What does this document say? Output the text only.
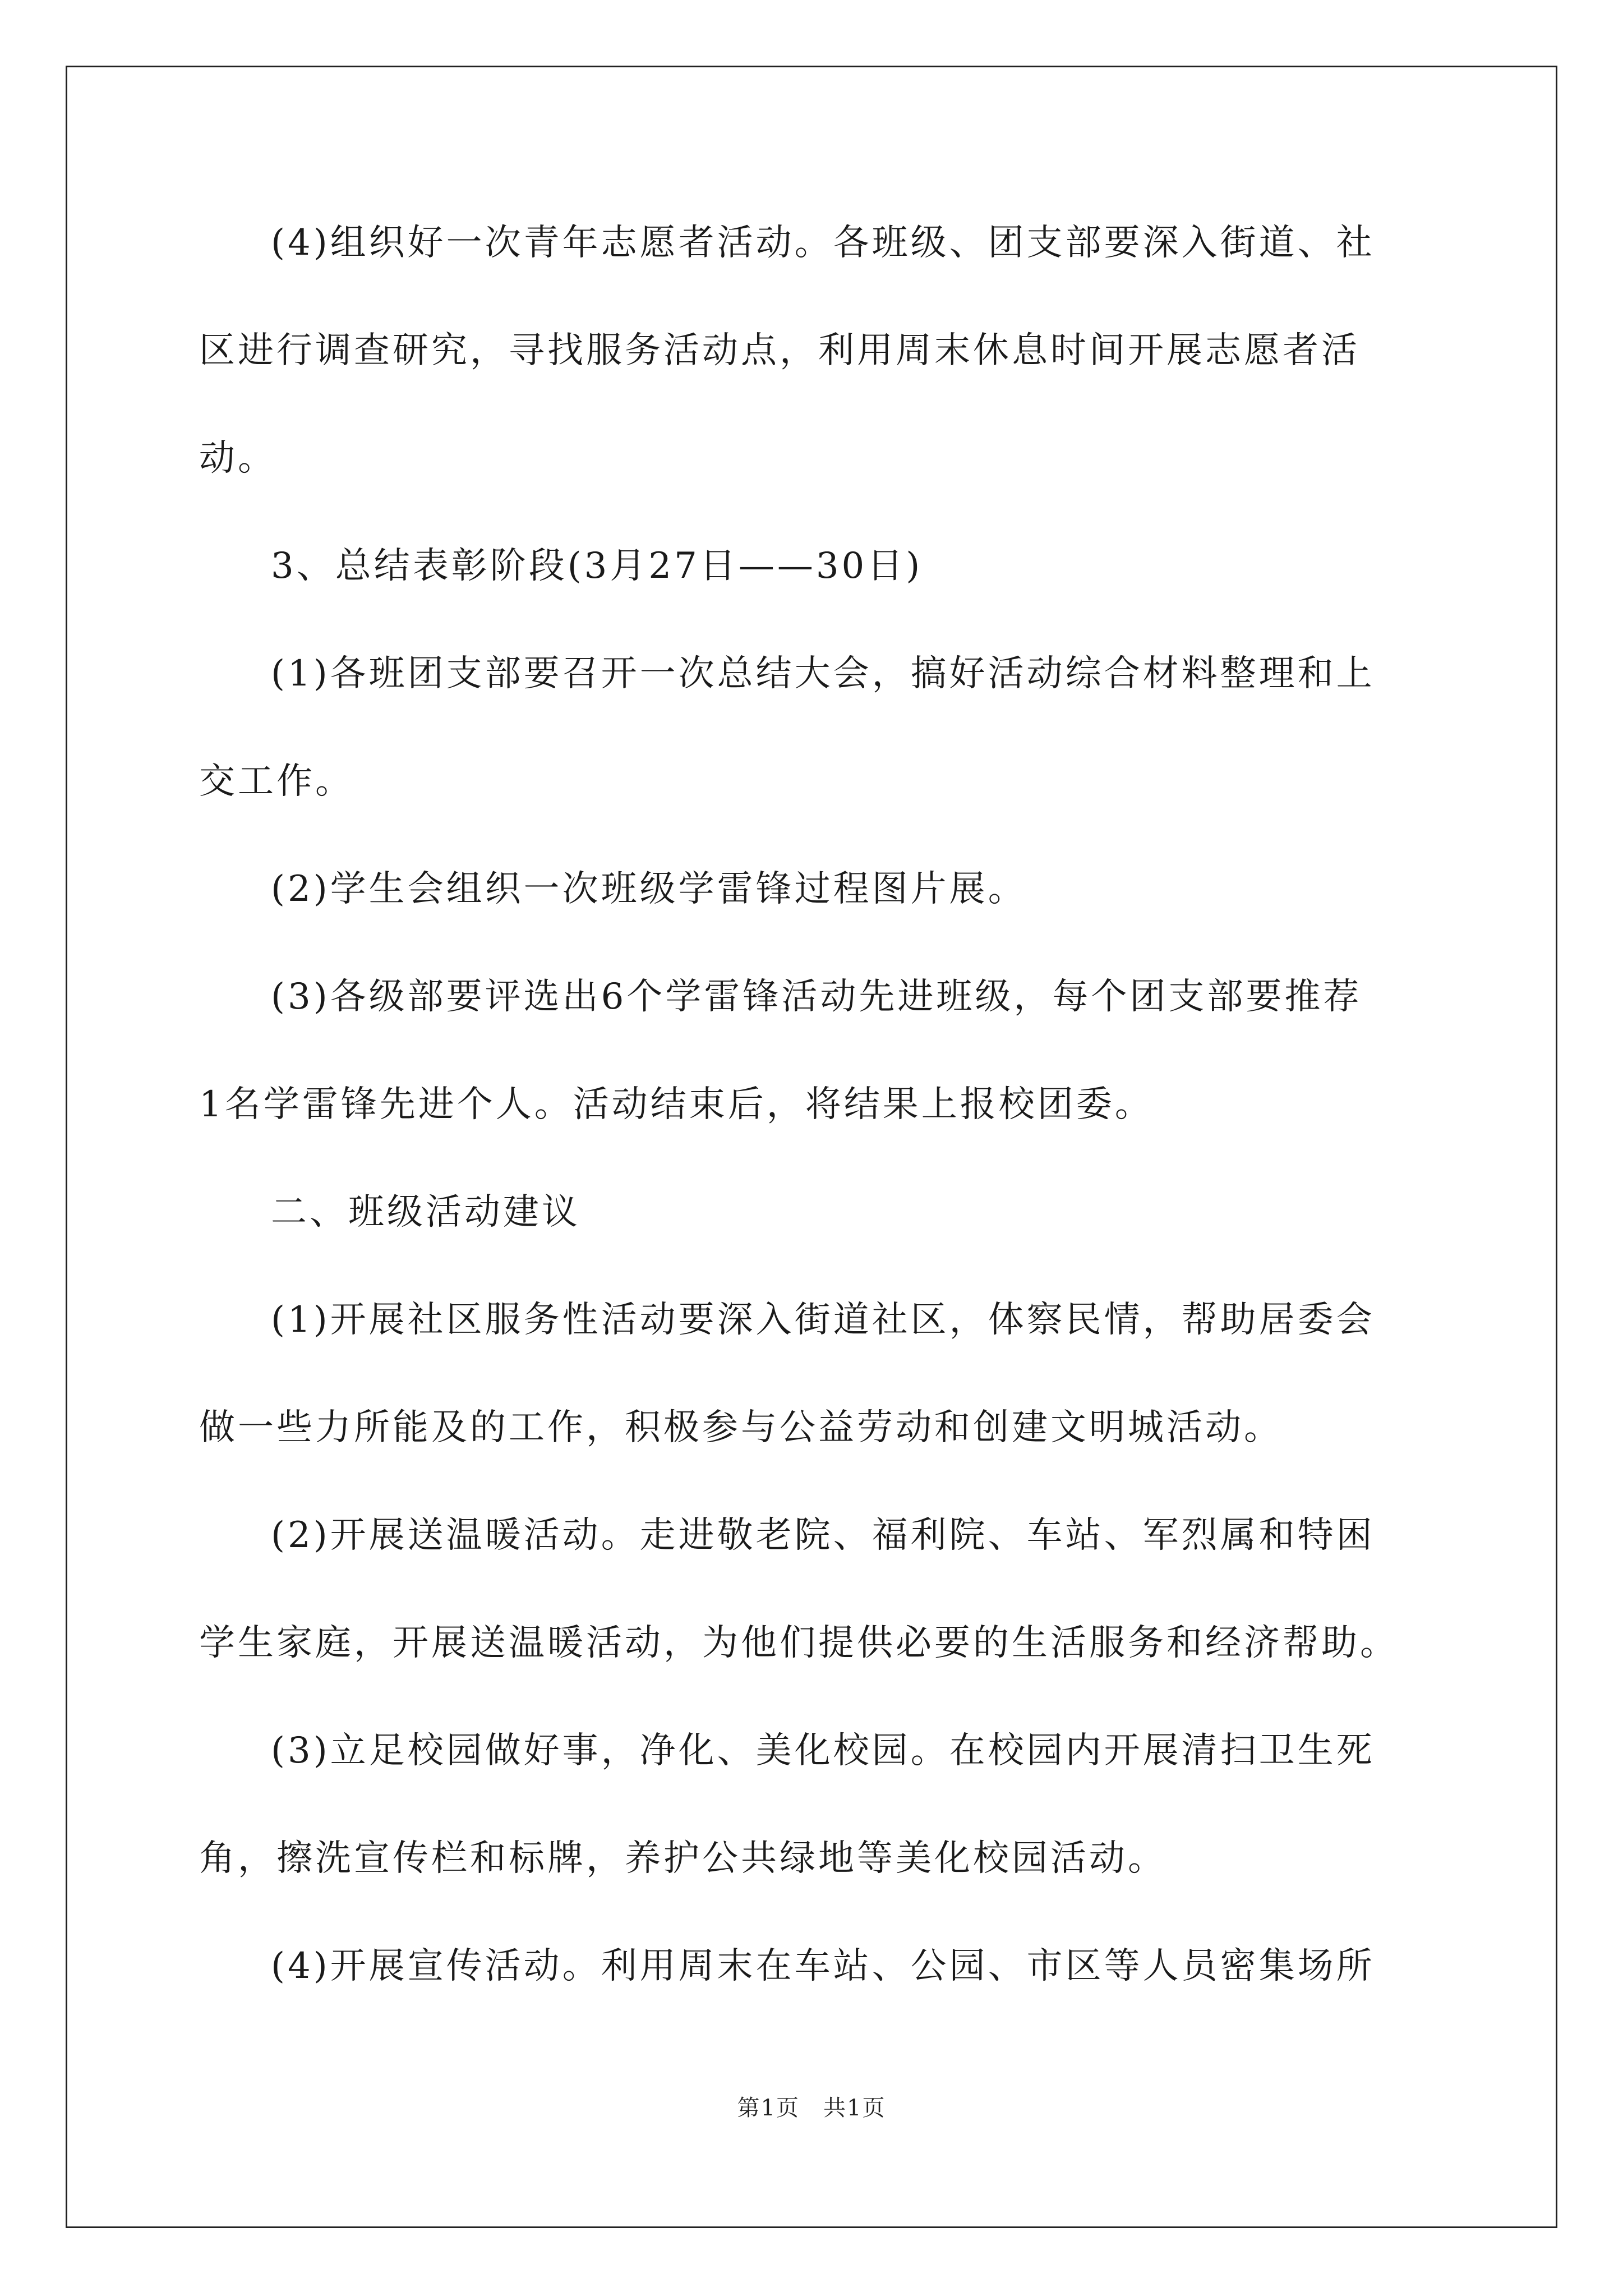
(4)组织好一次青年志愿者活动。各班级、团支部要深入街道、社
区进行调查研究，寻找服务活动点，利用周末休息时间开展志愿者活
动。
3、总结表彰阶段(3月27日——30日)
(1)各班团支部要召开一次总结大会，搞好活动综合材料整理和上
交工作。
(2)学生会组织一次班级学雷锋过程图片展。
(3)各级部要评选出6个学雷锋活动先进班级，每个团支部要推荐
1名学雷锋先进个人。活动结束后，将结果上报校团委。
二、班级活动建议
(1)开展社区服务性活动要深入街道社区，体察民情，帮助居委会
做一些力所能及的工作，积极参与公益劳动和创建文明城活动。
(2)开展送温暖活动。走进敬老院、福利院、车站、军烈属和特困
学生家庭，开展送温暖活动，为他们提供必要的生活服务和经济帮助。
(3)立足校园做好事，净化、美化校园。在校园内开展清扫卫生死
角，擦洗宣传栏和标牌，养护公共绿地等美化校园活动。
(4)开展宣传活动。利用周末在车站、公园、市区等人员密集场所
第1页　共1页
